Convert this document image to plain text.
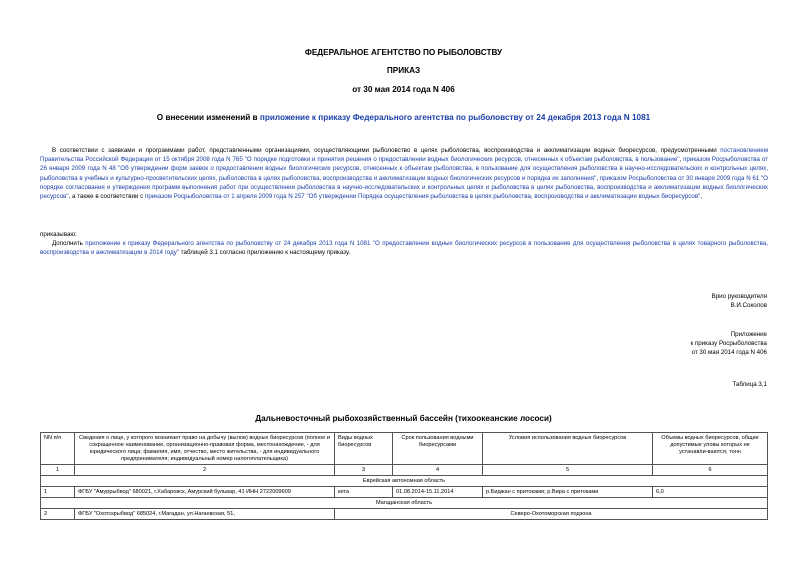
ФЕДЕРАЛЬНОЕ АГЕНТСТВО ПО РЫБОЛОВСТВУ
ПРИКАЗ
от 30 мая 2014 года N 406
О внесении изменений в приложение к приказу Федерального агентства по рыболовству от 24 декабря 2013 года N 1081

В соответствии с заявками и программами работ, представленными организациями, осуществляющими рыболовство в целях рыболовства, воспроизводства и акклиматизации водных биоресурсов, предусмотренными постановлением Правительства Российской Федерации от 15 октября 2008 года N 765 "О порядке подготовки и принятия решения о предоставлении водных биологических ресурсов, отнесенных к объектам рыболовства, в пользование", приказом Росрыболовства от 26 января 2009 года N 48 "Об утверждении форм заявок о предоставлении водных биологических ресурсов, отнесенных к объектам рыболовства, в пользование для осуществления рыболовства в научно-исследовательских и контрольных целях, рыболовства в учебных и культурно-просветительских целях, рыболовства в целях рыболовства, воспроизводства и акклиматизации водных биологических ресурсов и порядка их заполнения", приказом Росрыболовства от 30 января 2009 года N 61 "О порядке согласования и утверждения программ выполнения работ при осуществлении рыболовства в научно-исследовательских и контрольных целях и рыболовства в целях рыболовства, воспроизводства и акклиматизации водных биологических ресурсов", а также в соответствии с приказом Росрыболовства от 1 апреля 2009 года N 257 "Об утверждении Порядка осуществления рыболовства в целях рыболовства, воспроизводства и акклиматизации водных биоресурсов",

приказываю:

Дополнить приложение к приказу Федерального агентства по рыболовству от 24 декабря 2013 года N 1081 "О предоставлении водных биологических ресурсов в пользование для осуществления рыболовства в целях товарного рыболовства, воспроизводства и акклиматизации в 2014 году" таблицей 3.1 согласно приложению к настоящему приказу.

Врио руководителя
В.И.Соколов
Приложение
к приказу Росрыболовства
от 30 мая 2014 года N 406
Таблица 3.1
Дальневосточный рыбохозяйственный бассейн (тихоокеанские лососи)
NN п/п	Сведения о лице, у которого возникает право на добычу (вылов) водных биоресурсов (полное и сокращенное наименование, организационно-правовая форма, местонахождение, - для юридического лица; фамилия, имя, отчество, место жительства, - для индивидуального предпринимателя; индивидуальный номер налогоплательщика)	Виды водных биоресурсов	Срок пользования водными биоресурсами	Условия использования водных биоресурсов	Объемы водных биоресурсов, общие допустимые уловы которых не устанавли-ваются, тонн
1	2	3	4	5	6
Еврейская автономная область					
1	ФГБУ "Амуррыбвод" 680021, г.Хабаровск, Амурский бульвар, 41 ИНН 2722009609	кета	01.08.2014-15.11.2014	р.Биджан с притоками; р.Вира с притоками	6,0
Магаданская область					
2	ФГБУ "Охотскрыбвод" 685024, г.Магадан, ул.Нагаевская, 51,	Северо-Охотоморская подзона			
